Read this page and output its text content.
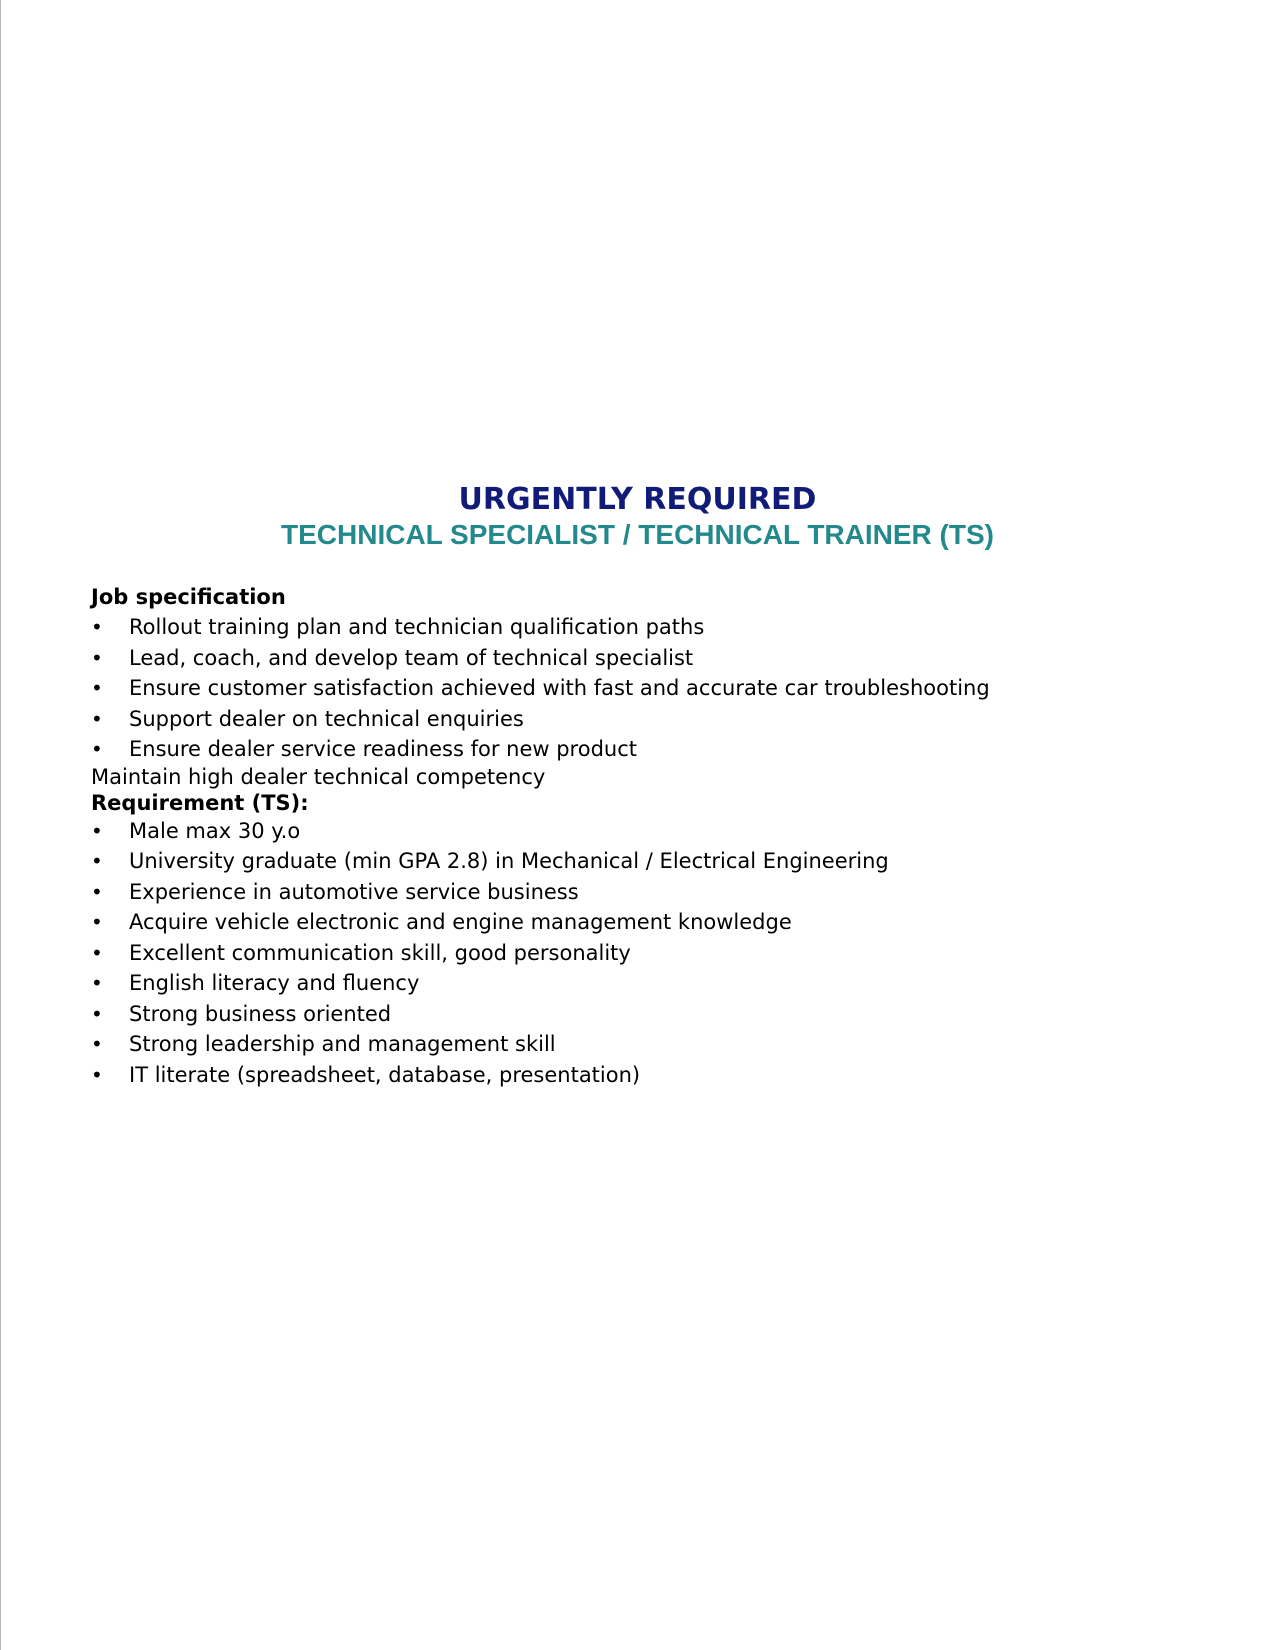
URGENTLY REQUIRED
TECHNICAL SPECIALIST / TECHNICAL TRAINER (TS)

Job specification

• Rollout training plan and technician qualification paths
• Lead, coach, and develop team of technical specialist
• Ensure customer satisfaction achieved with fast and accurate car troubleshooting
• Support dealer on technical enquiries
• Ensure dealer service readiness for new product

Maintain high dealer technical competency

Requirement (TS):

• Male max 30 y.o
• University graduate (min GPA 2.8) in Mechanical / Electrical Engineering
• Experience in automotive service business
• Acquire vehicle electronic and engine management knowledge
• Excellent communication skill, good personality
• English literacy and fluency
• Strong business oriented
• Strong leadership and management skill
• IT literate (spreadsheet, database, presentation)
